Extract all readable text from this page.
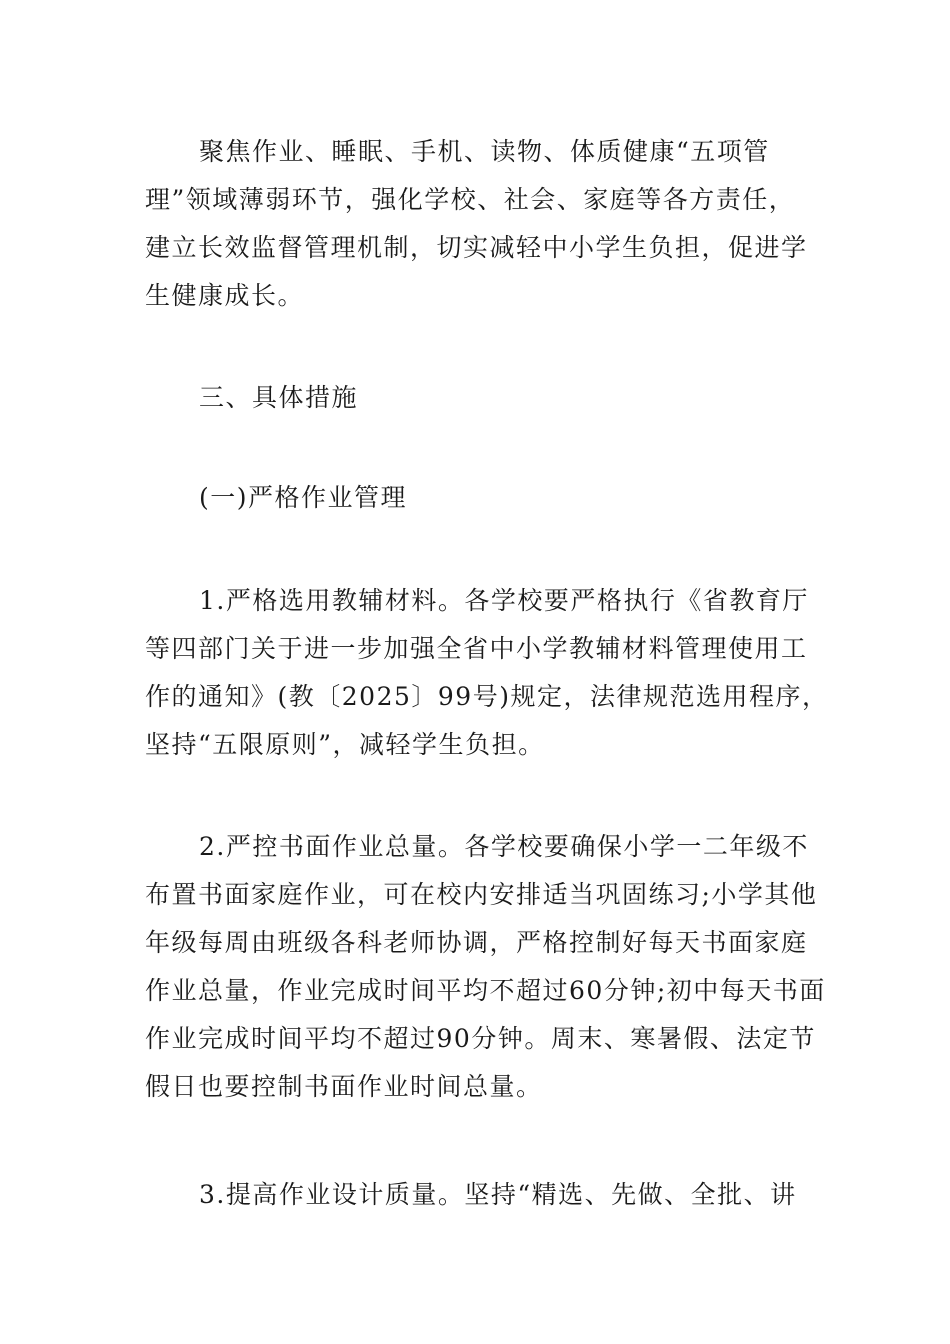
聚焦作业、睡眠、手机、读物、体质健康“五项管
理”领域薄弱环节，强化学校、社会、家庭等各方责任，
建立长效监督管理机制，切实减轻中小学生负担，促进学
生健康成长。

三、具体措施

(一)严格作业管理

1.严格选用教辅材料。各学校要严格执行《省教育厅
等四部门关于进一步加强全省中小学教辅材料管理使用工
作的通知》(教〔2025〕99号)规定，法律规范选用程序，
坚持“五限原则”，减轻学生负担。

2.严控书面作业总量。各学校要确保小学一二年级不
布置书面家庭作业，可在校内安排适当巩固练习;小学其他
年级每周由班级各科老师协调，严格控制好每天书面家庭
作业总量，作业完成时间平均不超过60分钟;初中每天书面
作业完成时间平均不超过90分钟。周末、寒暑假、法定节
假日也要控制书面作业时间总量。

3.提高作业设计质量。坚持“精选、先做、全批、讲
